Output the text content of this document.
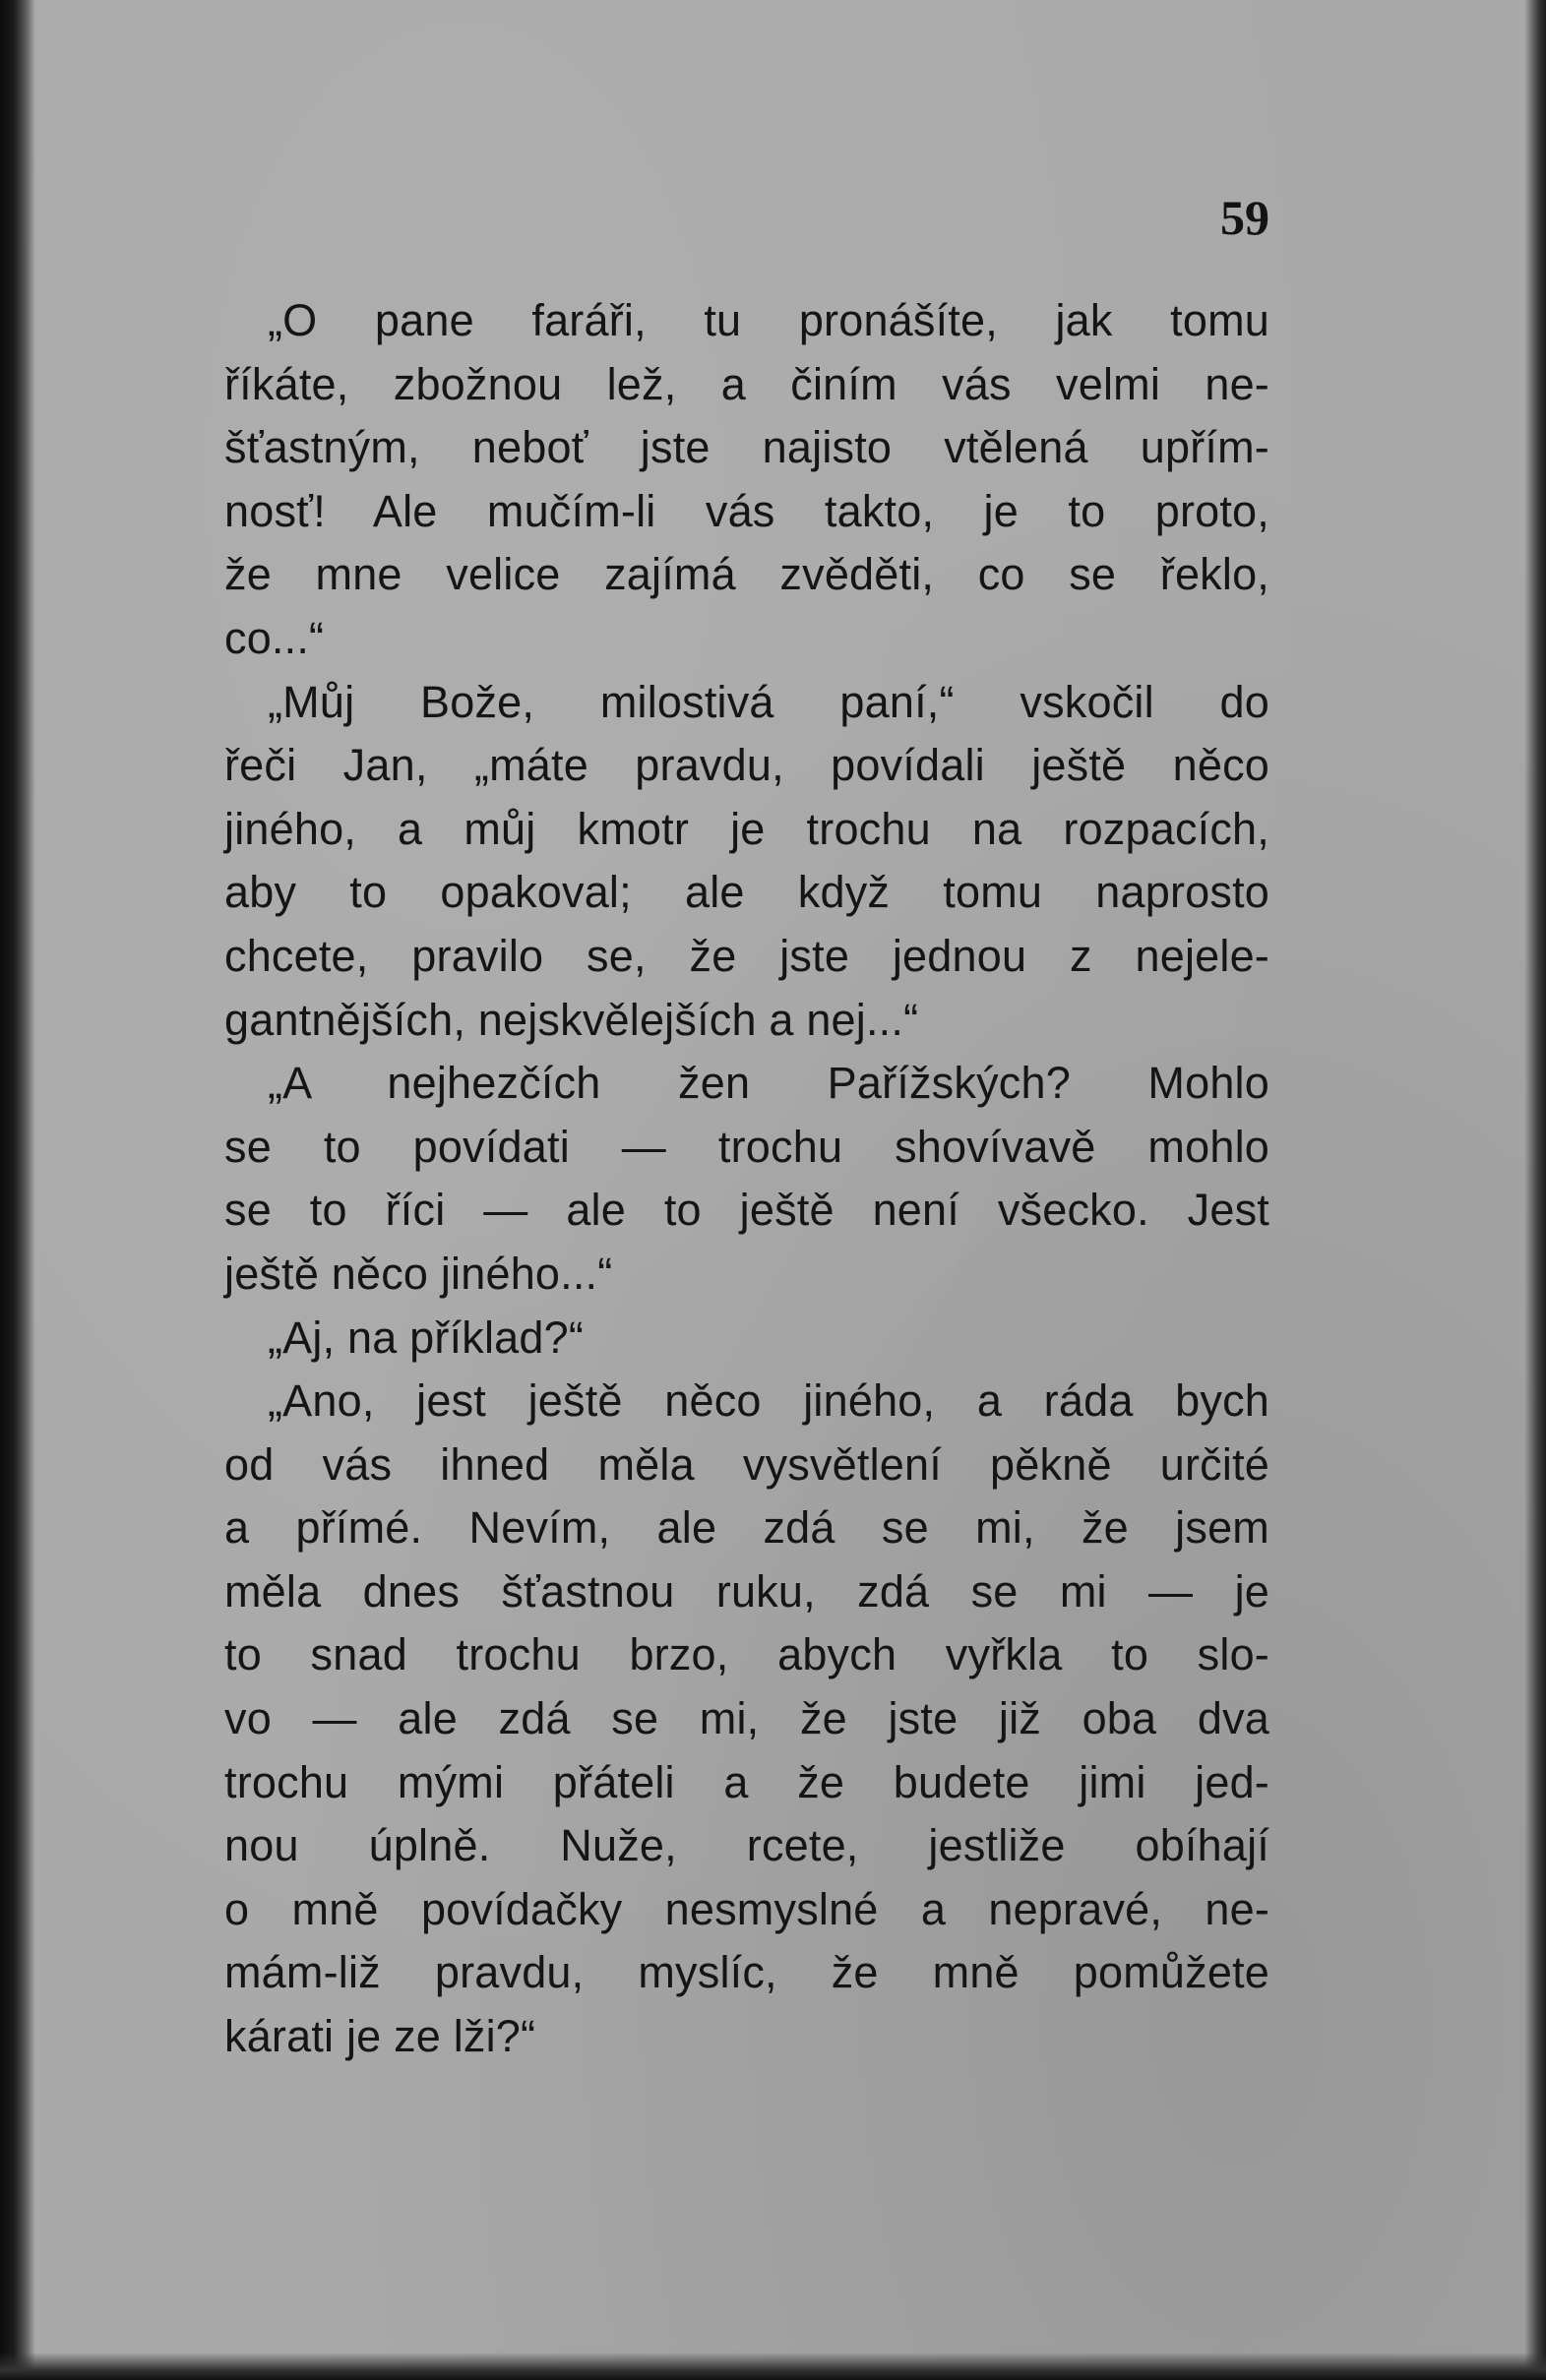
59
„O pane faráři, tu pronášíte, jak tomu
říkáte, zbožnou lež, a činím vás velmi ne-
šťastným, neboť jste najisto vtělená upřím-
nosť! Ale mučím-li vás takto, je to proto,
že mne velice zajímá zvěděti, co se řeklo,
co...“
„Můj Bože, milostivá paní,“ vskočil do
řeči Jan, „máte pravdu, povídali ještě něco
jiného, a můj kmotr je trochu na rozpacích,
aby to opakoval; ale když tomu naprosto
chcete, pravilo se, že jste jednou z nejele-
gantnějších, nejskvělejších a nej...“
„A nejhezčích žen Pařížských? Mohlo
se to povídati — trochu shovívavě mohlo
se to říci — ale to ještě není všecko. Jest
ještě něco jiného...“
„Aj, na příklad?“
„Ano, jest ještě něco jiného, a ráda bych
od vás ihned měla vysvětlení pěkně určité
a přímé. Nevím, ale zdá se mi, že jsem
měla dnes šťastnou ruku, zdá se mi — je
to snad trochu brzo, abych vyřkla to slo-
vo — ale zdá se mi, že jste již oba dva
trochu mými přáteli a že budete jimi jed-
nou úplně. Nuže, rcete, jestliže obíhají
o mně povídačky nesmyslné a nepravé, ne-
mám-liž pravdu, myslíc, že mně pomůžete
kárati je ze lži?“
